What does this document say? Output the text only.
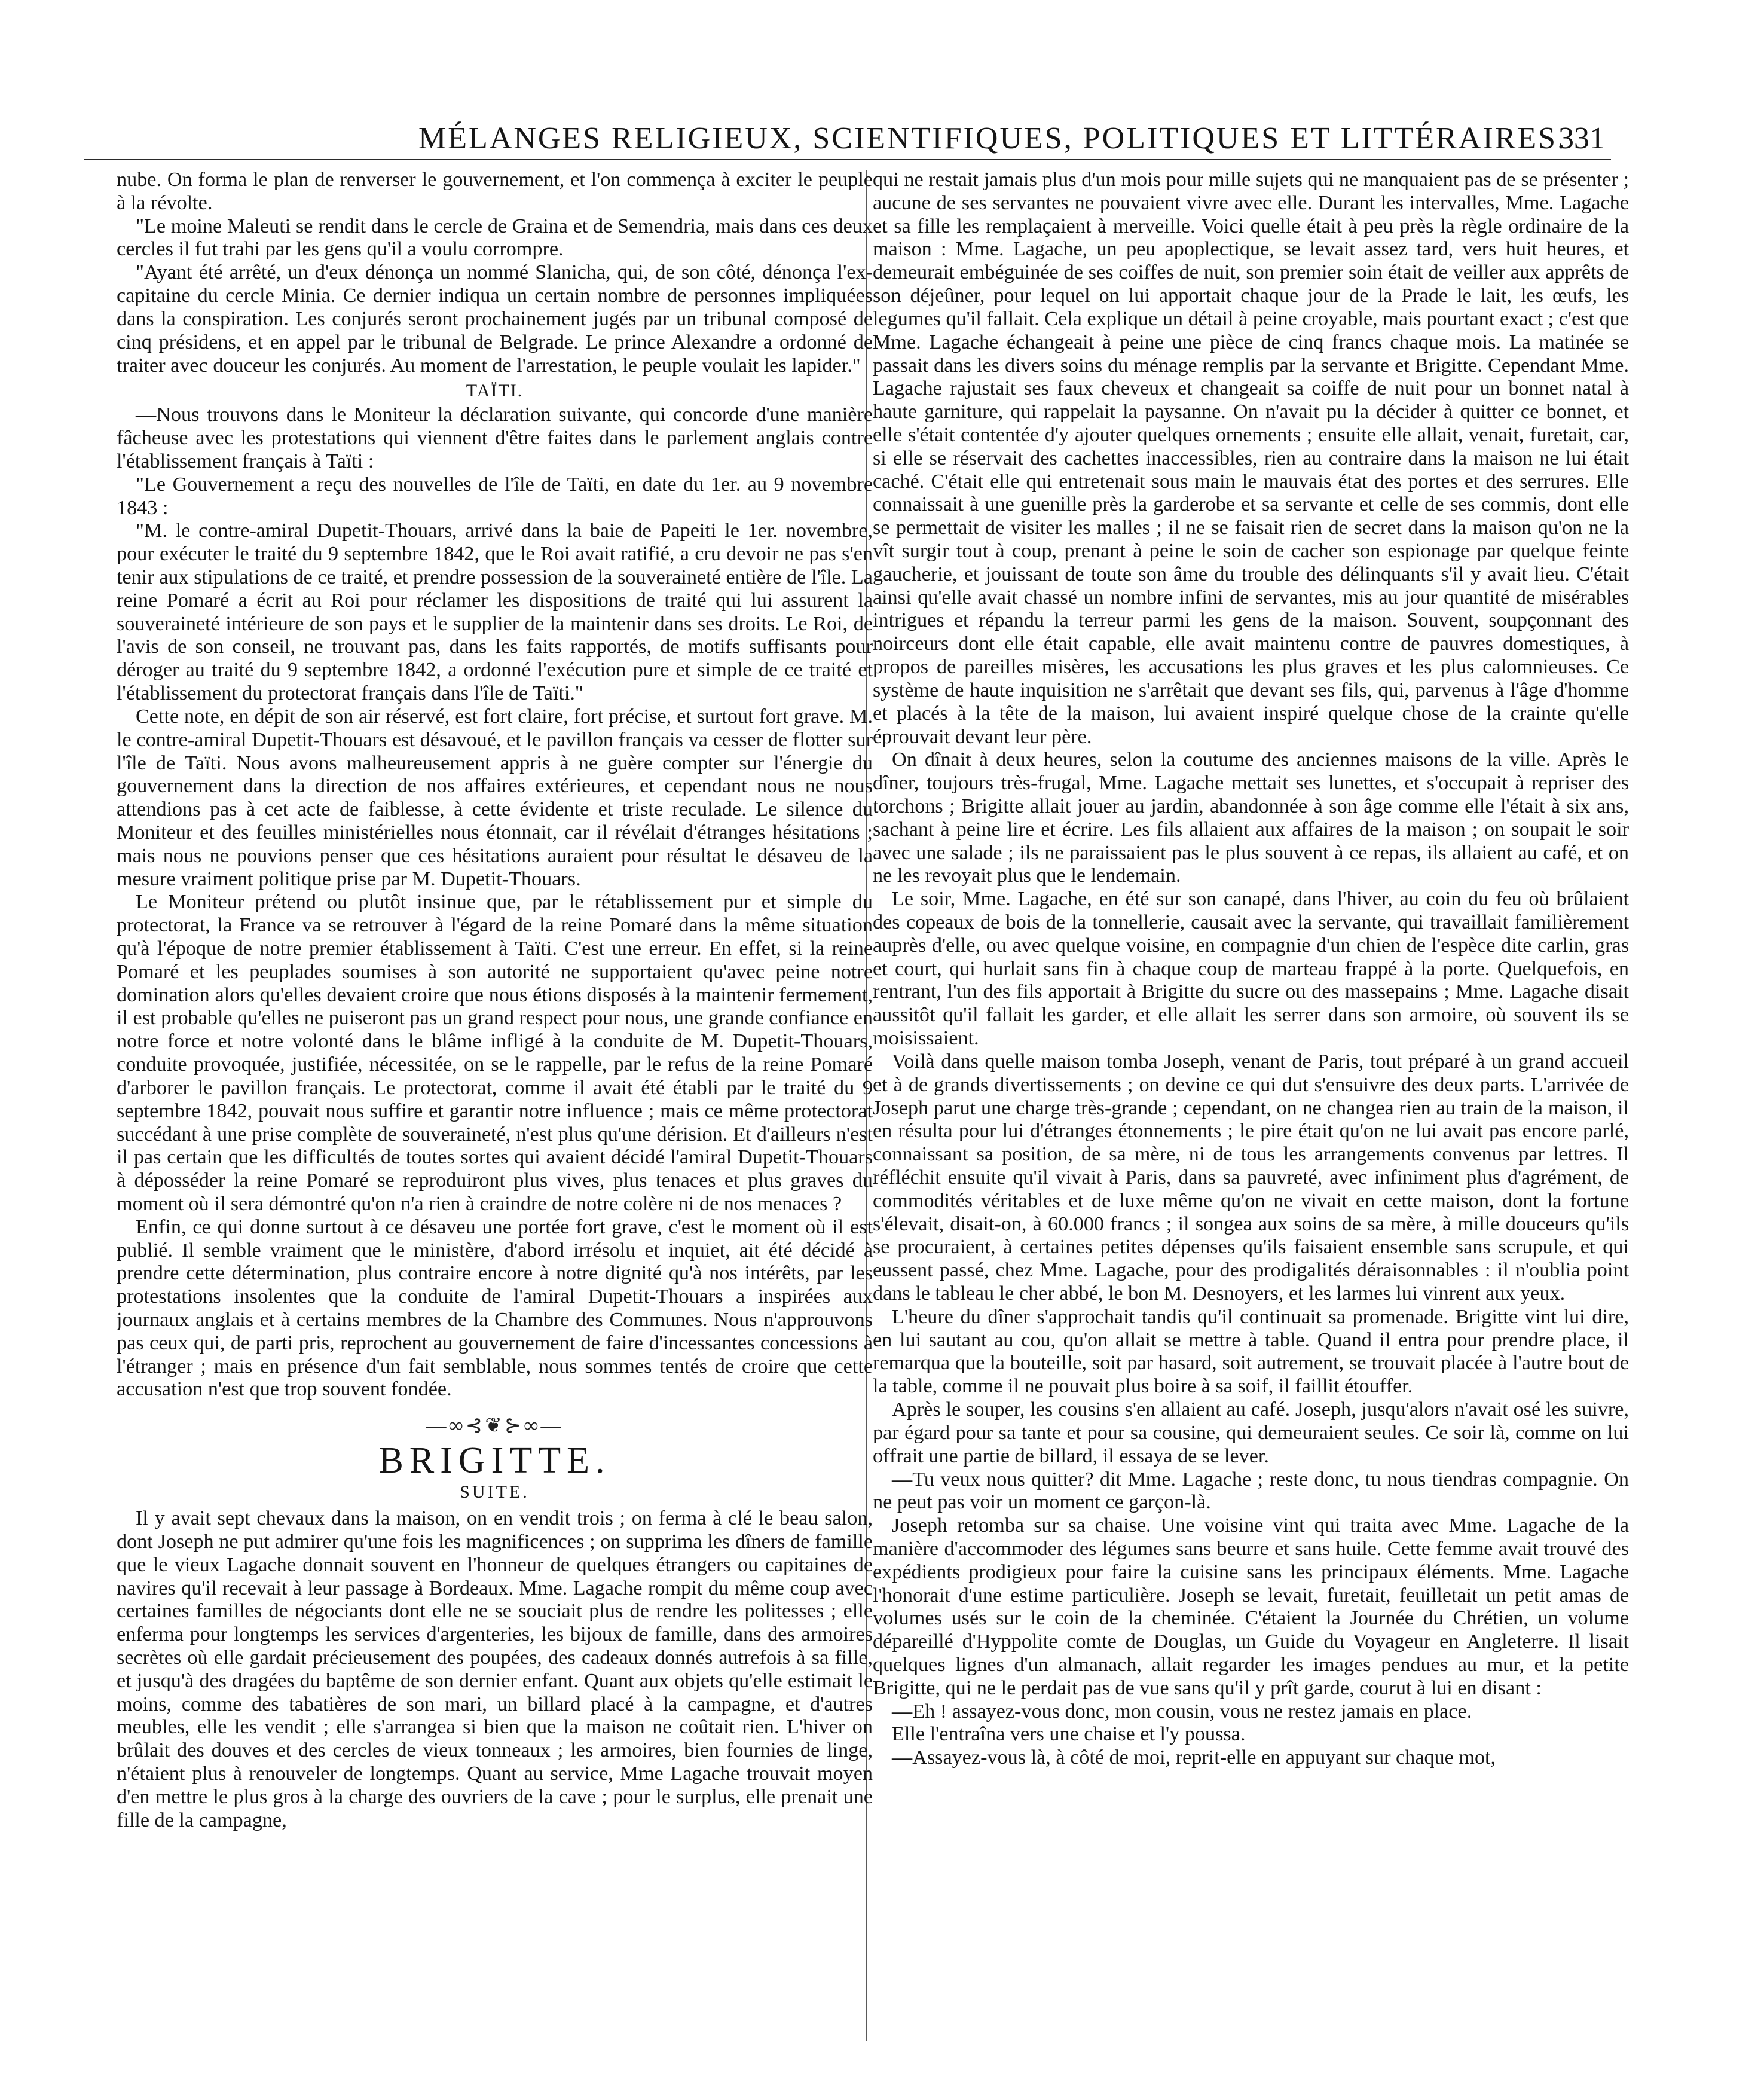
MÉLANGES RELIGIEUX, SCIENTIFIQUES, POLITIQUES ET LITTÉRAIRES.
331

nube. On forma le plan de renverser le gouvernement, et l'on commença à exciter le peuple à la révolte.

"Le moine Maleuti se rendit dans le cercle de Graina et de Semendria, mais dans ces deux cercles il fut trahi par les gens qu'il a voulu corrompre.

"Ayant été arrêté, un d'eux dénonça un nommé Slanicha, qui, de son côté, dénonça l'ex-capitaine du cercle Minia. Ce dernier indiqua un certain nombre de personnes impliquées dans la conspiration. Les conjurés seront prochainement jugés par un tribunal composé de cinq présidens, et en appel par le tribunal de Belgrade. Le prince Alexandre a ordonné de traiter avec douceur les conjurés. Au moment de l'arrestation, le peuple voulait les lapider."

TAÏTI.

—Nous trouvons dans le Moniteur la déclaration suivante, qui concorde d'une manière fâcheuse avec les protestations qui viennent d'être faites dans le parlement anglais contre l'établissement français à Taïti :

"Le Gouvernement a reçu des nouvelles de l'île de Taïti, en date du 1er. au 9 novembre 1843 :

"M. le contre-amiral Dupetit-Thouars, arrivé dans la baie de Papeiti le 1er. novembre, pour exécuter le traité du 9 septembre 1842, que le Roi avait ratifié, a cru devoir ne pas s'en tenir aux stipulations de ce traité, et prendre possession de la souveraineté entière de l'île. La reine Pomaré a écrit au Roi pour réclamer les dispositions de traité qui lui assurent la souveraineté intérieure de son pays et le supplier de la maintenir dans ses droits. Le Roi, de l'avis de son conseil, ne trouvant pas, dans les faits rapportés, de motifs suffisants pour déroger au traité du 9 septembre 1842, a ordonné l'exécution pure et simple de ce traité et l'établissement du protectorat français dans l'île de Taïti."

Cette note, en dépit de son air réservé, est fort claire, fort précise, et surtout fort grave. M. le contre-amiral Dupetit-Thouars est désavoué, et le pavillon français va cesser de flotter sur l'île de Taïti. Nous avons malheureusement appris à ne guère compter sur l'énergie du gouvernement dans la direction de nos affaires extérieures, et cependant nous ne nous attendions pas à cet acte de faiblesse, à cette évidente et triste reculade. Le silence du Moniteur et des feuilles ministérielles nous étonnait, car il révélait d'étranges hésitations ; mais nous ne pouvions penser que ces hésitations auraient pour résultat le désaveu de la mesure vraiment politique prise par M. Dupetit-Thouars.

Le Moniteur prétend ou plutôt insinue que, par le rétablissement pur et simple du protectorat, la France va se retrouver à l'égard de la reine Pomaré dans la même situation qu'à l'époque de notre premier établissement à Taïti. C'est une erreur. En effet, si la reine Pomaré et les peuplades soumises à son autorité ne supportaient qu'avec peine notre domination alors qu'elles devaient croire que nous étions disposés à la maintenir fermement, il est probable qu'elles ne puiseront pas un grand respect pour nous, une grande confiance en notre force et notre volonté dans le blâme infligé à la conduite de M. Dupetit-Thouars, conduite provoquée, justifiée, nécessitée, on se le rappelle, par le refus de la reine Pomaré d'arborer le pavillon français. Le protectorat, comme il avait été établi par le traité du 9 septembre 1842, pouvait nous suffire et garantir notre influence ; mais ce même protectorat succédant à une prise complète de souveraineté, n'est plus qu'une dérision. Et d'ailleurs n'est il pas certain que les difficultés de toutes sortes qui avaient décidé l'amiral Dupetit-Thouars à déposséder la reine Pomaré se reproduiront plus vives, plus tenaces et plus graves du moment où il sera démontré qu'on n'a rien à craindre de notre colère ni de nos menaces ?

Enfin, ce qui donne surtout à ce désaveu une portée fort grave, c'est le moment où il est publié. Il semble vraiment que le ministère, d'abord irrésolu et inquiet, ait été décidé à prendre cette détermination, plus contraire encore à notre dignité qu'à nos intérêts, par les protestations insolentes que la conduite de l'amiral Dupetit-Thouars a inspirées aux journaux anglais et à certains membres de la Chambre des Communes. Nous n'approuvons pas ceux qui, de parti pris, reprochent au gouvernement de faire d'incessantes concessions à l'étranger ; mais en présence d'un fait semblable, nous sommes tentés de croire que cette accusation n'est que trop souvent fondée.

—∞⊰❦⊱∞—
BRIGITTE.
SUITE.

Il y avait sept chevaux dans la maison, on en vendit trois ; on ferma à clé le beau salon, dont Joseph ne put admirer qu'une fois les magnificences ; on supprima les dîners de famille que le vieux Lagache donnait souvent en l'honneur de quelques étrangers ou capitaines de navires qu'il recevait à leur passage à Bordeaux. Mme. Lagache rompit du même coup avec certaines familles de négociants dont elle ne se souciait plus de rendre les politesses ; elle enferma pour longtemps les services d'argenteries, les bijoux de famille, dans des armoires secrètes où elle gardait précieusement des poupées, des cadeaux donnés autrefois à sa fille, et jusqu'à des dragées du baptême de son dernier enfant. Quant aux objets qu'elle estimait le moins, comme des tabatières de son mari, un billard placé à la campagne, et d'autres meubles, elle les vendit ; elle s'arrangea si bien que la maison ne coûtait rien. L'hiver on brûlait des douves et des cercles de vieux tonneaux ; les armoires, bien fournies de linge, n'étaient plus à renouveler de longtemps. Quant au service, Mme Lagache trouvait moyen d'en mettre le plus gros à la charge des ouvriers de la cave ; pour le surplus, elle prenait une fille de la campagne,

qui ne restait jamais plus d'un mois pour mille sujets qui ne manquaient pas de se présenter ; aucune de ses servantes ne pouvaient vivre avec elle. Durant les intervalles, Mme. Lagache et sa fille les remplaçaient à merveille. Voici quelle était à peu près la règle ordinaire de la maison : Mme. Lagache, un peu apoplectique, se levait assez tard, vers huit heures, et demeurait embéguinée de ses coiffes de nuit, son premier soin était de veiller aux apprêts de son déjeûner, pour lequel on lui apportait chaque jour de la Prade le lait, les œufs, les legumes qu'il fallait. Cela explique un détail à peine croyable, mais pourtant exact ; c'est que Mme. Lagache échangeait à peine une pièce de cinq francs chaque mois. La matinée se passait dans les divers soins du ménage remplis par la servante et Brigitte. Cependant Mme. Lagache rajustait ses faux cheveux et changeait sa coiffe de nuit pour un bonnet natal à haute garniture, qui rappelait la paysanne. On n'avait pu la décider à quitter ce bonnet, et elle s'était contentée d'y ajouter quelques ornements ; ensuite elle allait, venait, furetait, car, si elle se réservait des cachettes inaccessibles, rien au contraire dans la maison ne lui était caché. C'était elle qui entretenait sous main le mauvais état des portes et des serrures. Elle connaissait à une guenille près la garderobe et sa servante et celle de ses commis, dont elle se permettait de visiter les malles ; il ne se faisait rien de secret dans la maison qu'on ne la vît surgir tout à coup, prenant à peine le soin de cacher son espionage par quelque feinte gaucherie, et jouissant de toute son âme du trouble des délinquants s'il y avait lieu. C'était ainsi qu'elle avait chassé un nombre infini de servantes, mis au jour quantité de misérables intrigues et répandu la terreur parmi les gens de la maison. Souvent, soupçonnant des noirceurs dont elle était capable, elle avait maintenu contre de pauvres domestiques, à propos de pareilles misères, les accusations les plus graves et les plus calomnieuses. Ce système de haute inquisition ne s'arrêtait que devant ses fils, qui, parvenus à l'âge d'homme et placés à la tête de la maison, lui avaient inspiré quelque chose de la crainte qu'elle éprouvait devant leur père.

On dînait à deux heures, selon la coutume des anciennes maisons de la ville. Après le dîner, toujours très-frugal, Mme. Lagache mettait ses lunettes, et s'occupait à repriser des torchons ; Brigitte allait jouer au jardin, abandonnée à son âge comme elle l'était à six ans, sachant à peine lire et écrire. Les fils allaient aux affaires de la maison ; on soupait le soir avec une salade ; ils ne paraissaient pas le plus souvent à ce repas, ils allaient au café, et on ne les revoyait plus que le lendemain.

Le soir, Mme. Lagache, en été sur son canapé, dans l'hiver, au coin du feu où brûlaient des copeaux de bois de la tonnellerie, causait avec la servante, qui travaillait familièrement auprès d'elle, ou avec quelque voisine, en compagnie d'un chien de l'espèce dite carlin, gras et court, qui hurlait sans fin à chaque coup de marteau frappé à la porte. Quelquefois, en rentrant, l'un des fils apportait à Brigitte du sucre ou des massepains ; Mme. Lagache disait aussitôt qu'il fallait les garder, et elle allait les serrer dans son armoire, où souvent ils se moisissaient.

Voilà dans quelle maison tomba Joseph, venant de Paris, tout préparé à un grand accueil et à de grands divertissements ; on devine ce qui dut s'ensuivre des deux parts. L'arrivée de Joseph parut une charge très-grande ; cependant, on ne changea rien au train de la maison, il en résulta pour lui d'étranges étonnements ; le pire était qu'on ne lui avait pas encore parlé, connaissant sa position, de sa mère, ni de tous les arrangements convenus par lettres. Il réfléchit ensuite qu'il vivait à Paris, dans sa pauvreté, avec infiniment plus d'agrément, de commodités véritables et de luxe même qu'on ne vivait en cette maison, dont la fortune s'élevait, disait-on, à 60.000 francs ; il songea aux soins de sa mère, à mille douceurs qu'ils se procuraient, à certaines petites dépenses qu'ils faisaient ensemble sans scrupule, et qui eussent passé, chez Mme. Lagache, pour des prodigalités déraisonnables : il n'oublia point dans le tableau le cher abbé, le bon M. Desnoyers, et les larmes lui vinrent aux yeux.

L'heure du dîner s'approchait tandis qu'il continuait sa promenade. Brigitte vint lui dire, en lui sautant au cou, qu'on allait se mettre à table. Quand il entra pour prendre place, il remarqua que la bouteille, soit par hasard, soit autrement, se trouvait placée à l'autre bout de la table, comme il ne pouvait plus boire à sa soif, il faillit étouffer.

Après le souper, les cousins s'en allaient au café. Joseph, jusqu'alors n'avait osé les suivre, par égard pour sa tante et pour sa cousine, qui demeuraient seules. Ce soir là, comme on lui offrait une partie de billard, il essaya de se lever.

—Tu veux nous quitter? dit Mme. Lagache ; reste donc, tu nous tiendras compagnie. On ne peut pas voir un moment ce garçon-là.

Joseph retomba sur sa chaise. Une voisine vint qui traita avec Mme. Lagache de la manière d'accommoder des légumes sans beurre et sans huile. Cette femme avait trouvé des expédients prodigieux pour faire la cuisine sans les principaux éléments. Mme. Lagache l'honorait d'une estime particulière. Joseph se levait, furetait, feuilletait un petit amas de volumes usés sur le coin de la cheminée. C'étaient la Journée du Chrétien, un volume dépareillé d'Hyppolite comte de Douglas, un Guide du Voyageur en Angleterre. Il lisait quelques lignes d'un almanach, allait regarder les images pendues au mur, et la petite Brigitte, qui ne le perdait pas de vue sans qu'il y prît garde, courut à lui en disant :

—Eh ! assayez-vous donc, mon cousin, vous ne restez jamais en place.

Elle l'entraîna vers une chaise et l'y poussa.

—Assayez-vous là, à côté de moi, reprit-elle en appuyant sur chaque mot,
